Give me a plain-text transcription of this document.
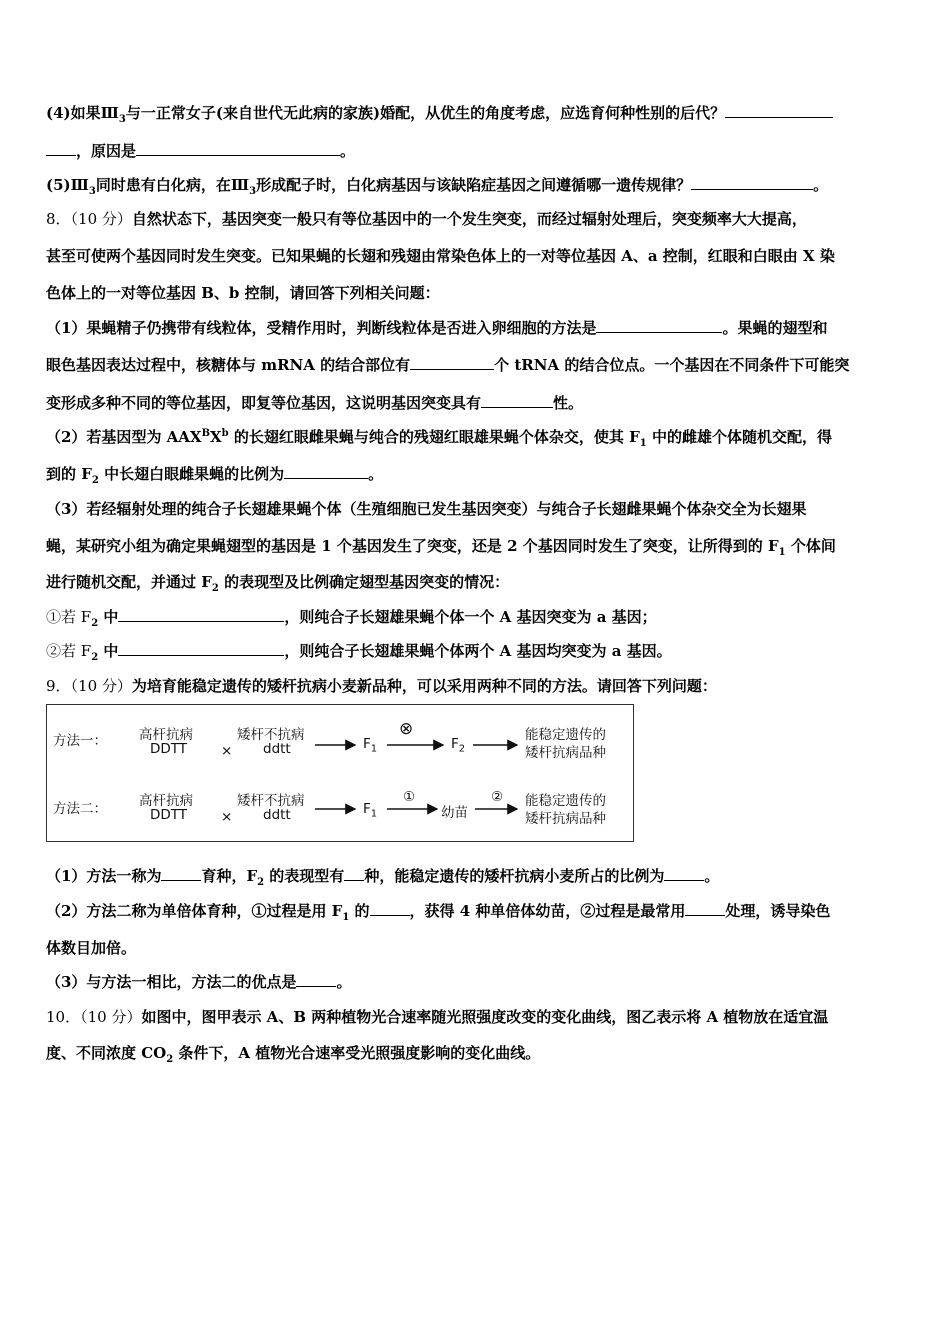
(4)如果$Ⅲ_3$与一正常女子(来自世代无此病的家族)婚配，从优生的角度考虑，应选育何种性别的后代？
，原因是	。
$(5)Ⅲ_3$同时患有白化病，在$Ⅲ_3$形成配子时，白化病基因与该缺陷症基因之间遵循哪一遗传规律？	。
8．（10 分）自然状态下，基因突变一般只有等位基因中的一个发生突变，而经过辐射处理后，突变频率大大提高，
甚至可使两个基因同时发生突变。已知果蝇的长翅和残翅由常染色体上的一对等位基因 A、a 控制，红眼和白眼由 X 染
色体上的一对等位基因 B、b 控制，请回答下列相关问题：
（1）果蝇精子仍携带有线粒体，受精作用时，判断线粒体是否进入卵细胞的方法是	。果蝇的翅型和
眼色基因表达过程中，核糖体与 mRNA 的结合部位有	个 tRNA 的结合位点。一个基因在不同条件下可能突
变形成多种不同的等位基因，即复等位基因，这说明基因突变具有	性。
（2）若基因型为 $AAX^BX^b$ 的长翅红眼雌果蝇与纯合的残翅红眼雄果蝇个体杂交，使其 $F_1$ 中的雌雄个体随机交配，得
到的 $F_2$ 中长翅白眼雌果蝇的比例为	。
（3）若经辐射处理的纯合子长翅雄果蝇个体（生殖细胞已发生基因突变）与纯合子长翅雌果蝇个体杂交全为长翅果
蝇，某研究小组为确定果蝇翅型的基因是 1 个基因发生了突变，还是 2 个基因同时发生了突变，让所得到的 $F_1$ 个体间
进行随机交配，并通过 $F_2$ 的表现型及比例确定翅型基因突变的情况：
①若 $F_2$ 中	，则纯合子长翅雄果蝇个体一个 A 基因突变为 a 基因；
②若 $F_2$ 中	，则纯合子长翅雄果蝇个体两个 A 基因均突变为 a 基因。
9．（10 分）为培育能稳定遗传的矮杆抗病小麦新品种，可以采用两种不同的方法。请回答下列问题：
方法一： 高杆抗病
DDTT	×
矮杆不抗病
ddtt	$F_1$
⊗
$F_2$
能稳定遗传的
矮杆抗病品种
方法二： 高杆抗病
DDTT	×
矮杆不抗病
ddtt	$F_1$
①
幼苗
② 能稳定遗传的
矮杆抗病品种
（1）方法一称为	育种，$F_2$ 的表现型有 种，能稳定遗传的矮杆抗病小麦所占的比例为	。
（2）方法二称为单倍体育种，①过程是用 $F_1$ 的	，获得 4 种单倍体幼苗，②过程是最常用	处理，诱导染色
体数目加倍。
（3）与方法一相比，方法二的优点是	。
10．（10 分）如图中，图甲表示 A、B 两种植物光合速率随光照强度改变的变化曲线，图乙表示将 A 植物放在适宜温
度、不同浓度 $CO_2$ 条件下，A 植物光合速率受光照强度影响的变化曲线。
